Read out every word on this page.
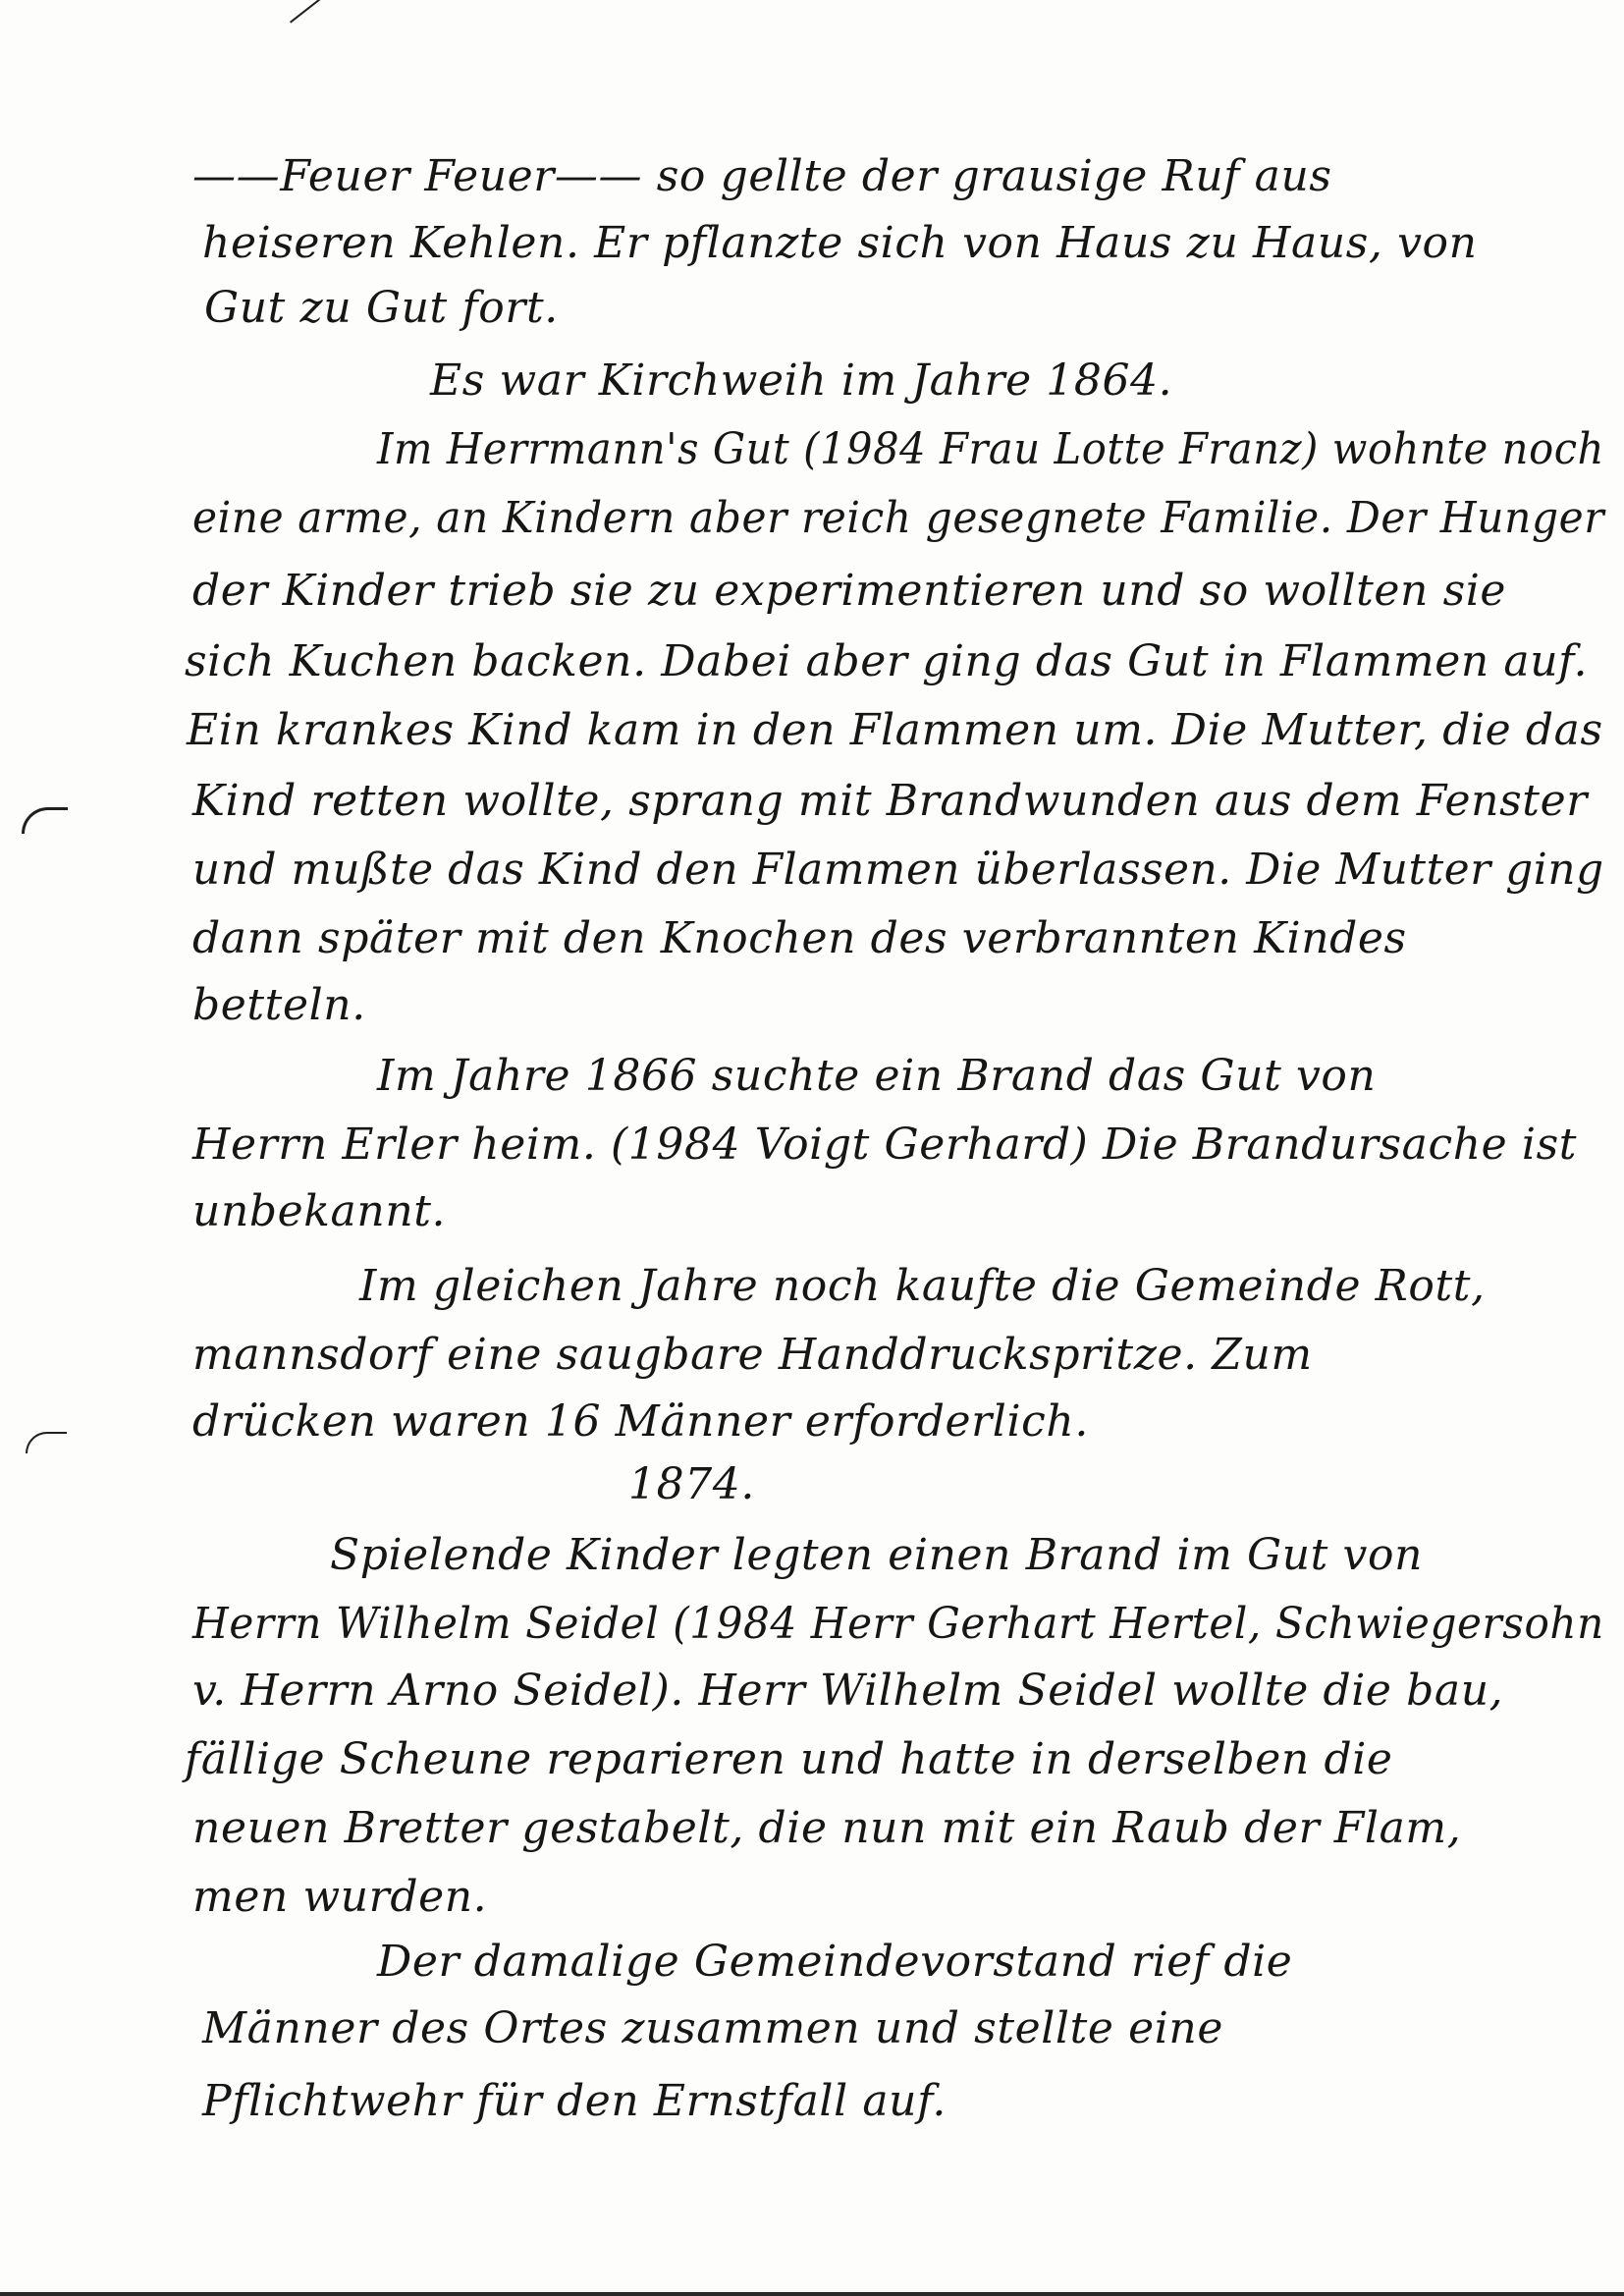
——Feuer Feuer—— so gellte der grausige Ruf aus
heiseren Kehlen. Er pflanzte sich von Haus zu Haus, von
Gut zu Gut fort.
Es war Kirchweih im Jahre 1864.
Im Herrmann's Gut (1984 Frau Lotte Franz) wohnte noch
eine arme, an Kindern aber reich gesegnete Familie. Der Hunger
der Kinder trieb sie zu experimentieren und so wollten sie
sich Kuchen backen. Dabei aber ging das Gut in Flammen auf.
Ein krankes Kind kam in den Flammen um. Die Mutter, die das
Kind retten wollte, sprang mit Brandwunden aus dem Fenster
und mußte das Kind den Flammen überlassen. Die Mutter ging
dann später mit den Knochen des verbrannten Kindes
betteln.
Im Jahre 1866 suchte ein Brand das Gut von
Herrn Erler heim. (1984 Voigt Gerhard) Die Brandursache ist
unbekannt.
Im gleichen Jahre noch kaufte die Gemeinde Rott,
mannsdorf eine saugbare Handdruckspritze. Zum
drücken waren 16 Männer erforderlich.
1874.
Spielende Kinder legten einen Brand im Gut von
Herrn Wilhelm Seidel (1984 Herr Gerhart Hertel, Schwiegersohn
v. Herrn Arno Seidel). Herr Wilhelm Seidel wollte die bau,
fällige Scheune reparieren und hatte in derselben die
neuen Bretter gestabelt, die nun mit ein Raub der Flam,
men wurden.
Der damalige Gemeindevorstand rief die
Männer des Ortes zusammen und stellte eine
Pflichtwehr für den Ernstfall auf.
